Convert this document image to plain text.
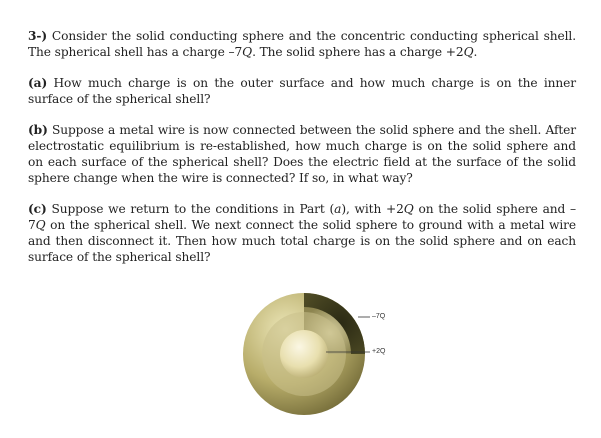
3-) Consider the solid conducting sphere and the concentric conducting spherical shell. The spherical shell has a charge –7Q. The solid sphere has a charge +2Q.

(a) How much charge is on the outer surface and how much charge is on the inner surface of the spherical shell?

(b) Suppose a metal wire is now connected between the solid sphere and the shell. After electrostatic equilibrium is re-established, how much charge is on the solid sphere and on each surface of the spherical shell? Does the electric field at the surface of the solid sphere change when the wire is connected? If so, in what way?

(c) Suppose we return to the conditions in Part (a), with +2Q on the solid sphere and –7Q on the spherical shell. We next connect the solid sphere to ground with a metal wire and then disconnect it. Then how much total charge is on the solid sphere and on each surface of the spherical shell?

–7Q
+2Q
